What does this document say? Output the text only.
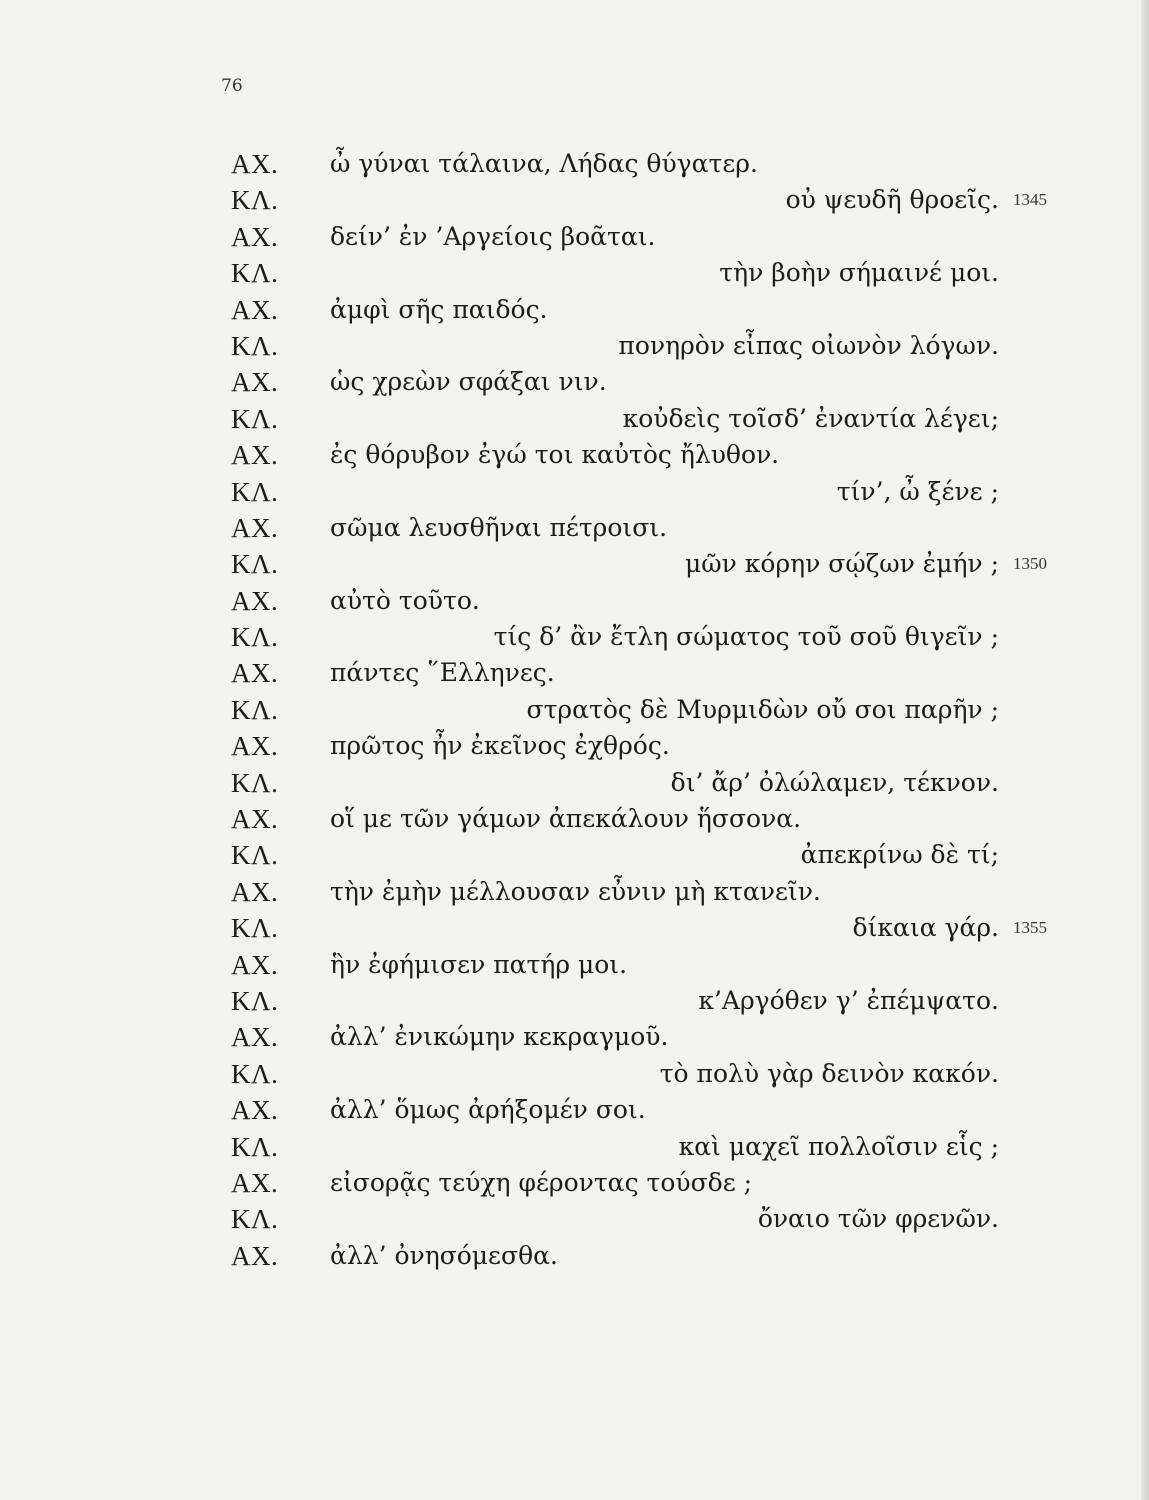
76
ΑΧ. ὦ γύναι τάλαινα, Λήδας θύγατερ.
ΚΛ.	οὐ ψευδῆ θροεῖς. 1345
ΑΧ. δείν’ ἐν ’Αργείοις βοᾶται.
ΚΛ.	τὴν βοὴν σήμαινέ μοι.
ΑΧ. ἀμφὶ σῆς παιδός.
ΚΛ.	πονηρὸν εἶπας οἰωνὸν λόγων.
ΑΧ. ὡς χρεὼν σφάξαι νιν.
ΚΛ.	κοὐδεὶς τοῖσδ’ ἐναντία λέγει;
ΑΧ. ἐς θόρυβον ἐγώ τοι καὐτὸς ἤλυθον.
ΚΛ.	τίν’, ὦ ξένε ;
ΑΧ. σῶμα λευσθῆναι πέτροισι.
ΚΛ.	μῶν κόρην σῴζων ἐμήν ; 1350
ΑΧ. αὐτὸ τοῦτο.
ΚΛ.	τίς δ’ ἂν ἔτλη σώματος τοῦ σοῦ θιγεῖν ;
ΑΧ. πάντες ῞Ελληνες.
ΚΛ.	στρατὸς δὲ Μυρμιδὼν οὔ σοι παρῆν ;
ΑΧ. πρῶτος ἦν ἐκεῖνος ἐχθρός.
ΚΛ.	δι’ ἄρ’ ὀλώλαμεν, τέκνον.
ΑΧ. οἵ με τῶν γάμων ἀπεκάλουν ἥσσονα.
ΚΛ.	ἀπεκρίνω δὲ τί;
ΑΧ. τὴν ἐμὴν μέλλουσαν εὖνιν μὴ κτανεῖν.
ΚΛ.	δίκαια γάρ. 1355
ΑΧ. ἣν ἐφήμισεν πατήρ μοι.
ΚΛ.	κ’Αργόθεν γ’ ἐπέμψατο.
ΑΧ. ἀλλ’ ἐνικώμην κεκραγμοῦ.
ΚΛ.	τὸ πολὺ γὰρ δεινὸν κακόν.
ΑΧ. ἀλλ’ ὅμως ἀρήξομέν σοι.
ΚΛ.	καὶ μαχεῖ πολλοῖσιν εἷς ;
ΑΧ. εἰσορᾷς τεύχη φέροντας τούσδε ;
ΚΛ.	ὄναιο τῶν φρενῶν.
ΑΧ. ἀλλ’ ὀνησόμεσθα.
